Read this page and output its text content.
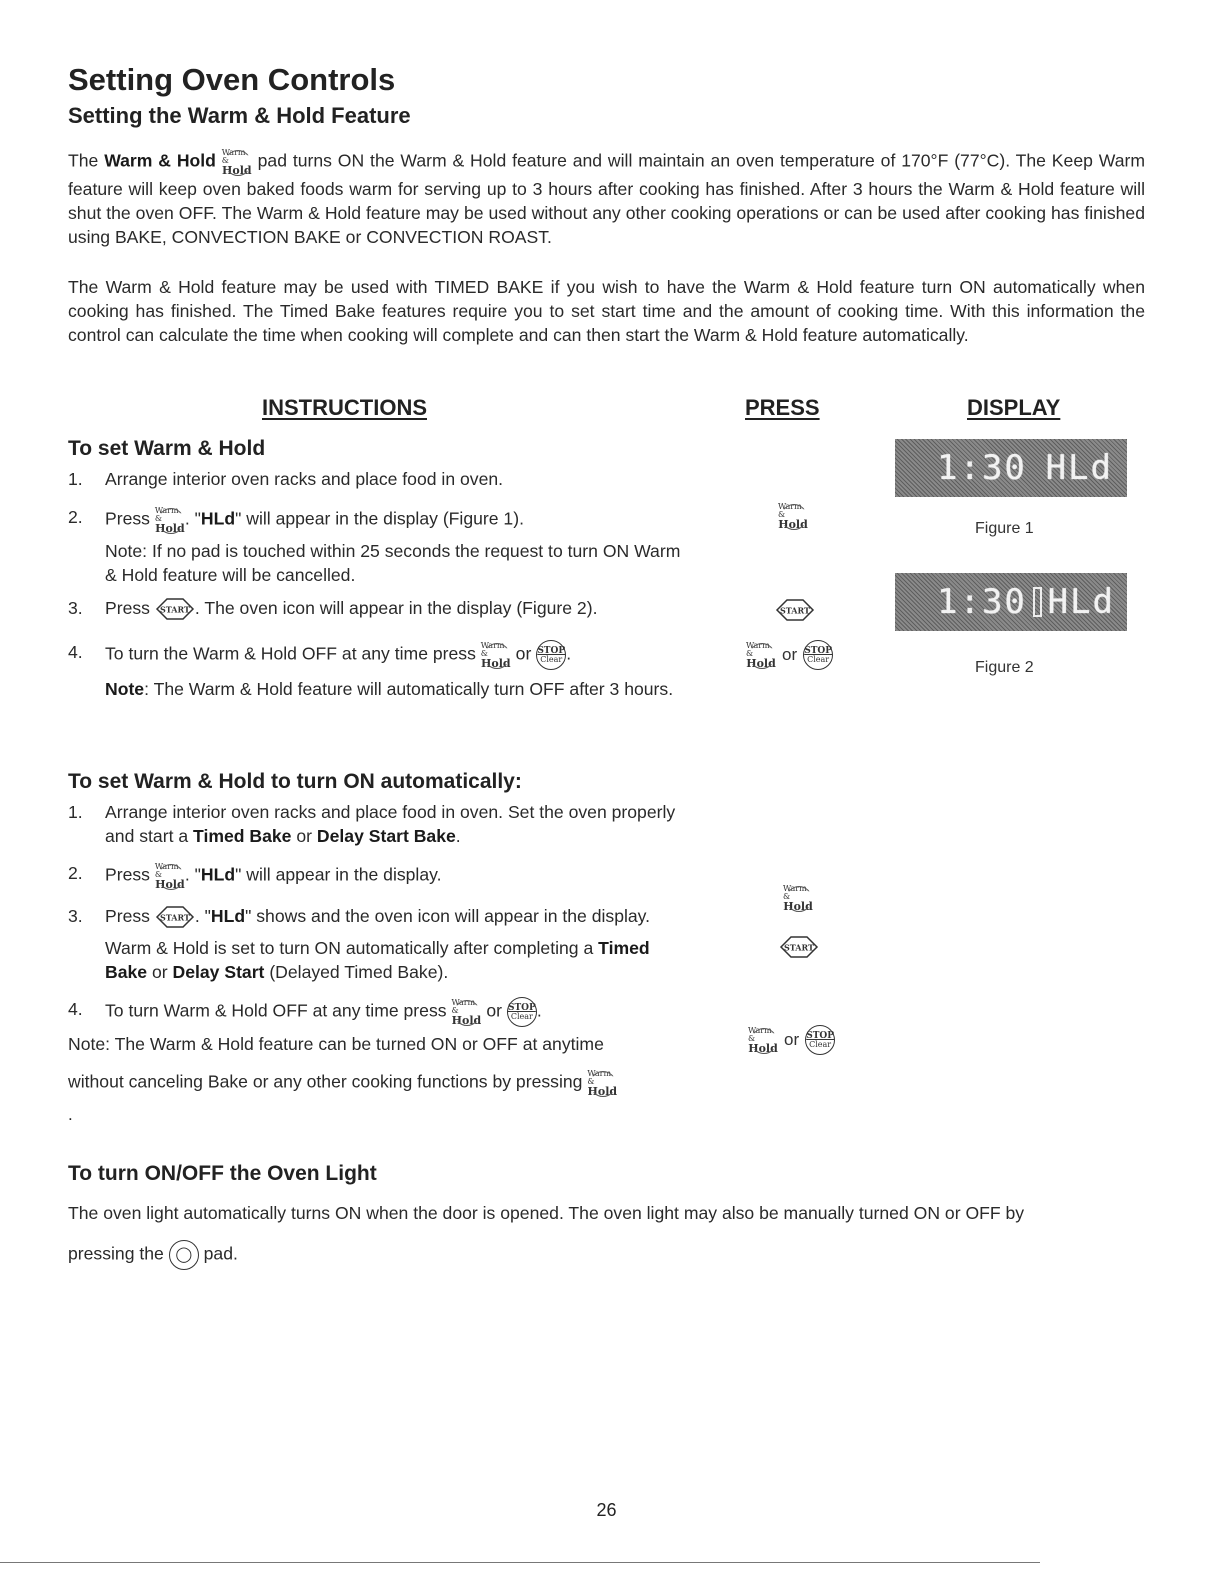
Setting Oven Controls
Setting the Warm & Hold Feature
The Warm & Hold Warm &
Hold pad turns ON the Warm & Hold feature and will maintain an oven temperature of 170°F (77°C). The Keep Warm feature will keep oven baked foods warm for serving up to 3 hours after cooking has finished. After 3 hours the Warm & Hold feature will shut the oven OFF. The Warm & Hold feature may be used without any other cooking operations or can be used after cooking has finished using BAKE, CONVECTION BAKE or CONVECTION ROAST.
The Warm & Hold feature may be used with TIMED BAKE if you wish to have the Warm & Hold feature turn ON automatically when cooking has finished. The Timed Bake features require you to set start time and the amount of cooking time. With this information the control can calculate the time when cooking will complete and can then start the Warm & Hold feature automatically.
INSTRUCTIONS	PRESS	DISPLAY
To set Warm & Hold
1. Arrange interior oven racks and place food in oven.
2. Press Warm &
Hold . "HLd" will appear in the display (Figure 1).
Note: If no pad is touched within 25 seconds the request to turn ON Warm & Hold feature will be cancelled.
3. Press START . The oven icon will appear in the display (Figure 2).
4. To turn the Warm & Hold OFF at any time press Warm &
Hold or STOP
Clear .
Note: The Warm & Hold feature will automatically turn OFF after 3 hours.
Warm &
Hold
START
Warm &
Hold or STOP
Clear
1:30 HLd
Figure 1
1:30 HLd
Figure 2
To set Warm & Hold to turn ON automatically:
1. Arrange interior oven racks and place food in oven. Set the oven properly and start a Timed Bake or Delay Start Bake.
2. Press Warm &
Hold . "HLd" will appear in the display.
3. Press START . "HLd" shows and the oven icon will appear in the display.
Warm & Hold is set to turn ON automatically after completing a Timed Bake or Delay Start (Delayed Timed Bake).
4. To turn Warm & Hold OFF at any time press Warm &
Hold or STOP
Clear .
Note: The Warm & Hold feature can be turned ON or OFF at anytime
without canceling Bake or any other cooking functions by pressing Warm &
Hold
.
Warm &
Hold
START
Warm &
Hold or STOP
Clear
To turn ON/OFF the Oven Light
The oven light automatically turns ON when the door is opened. The oven light may also be manually turned ON or OFF by
pressing the ◯ pad.
26
